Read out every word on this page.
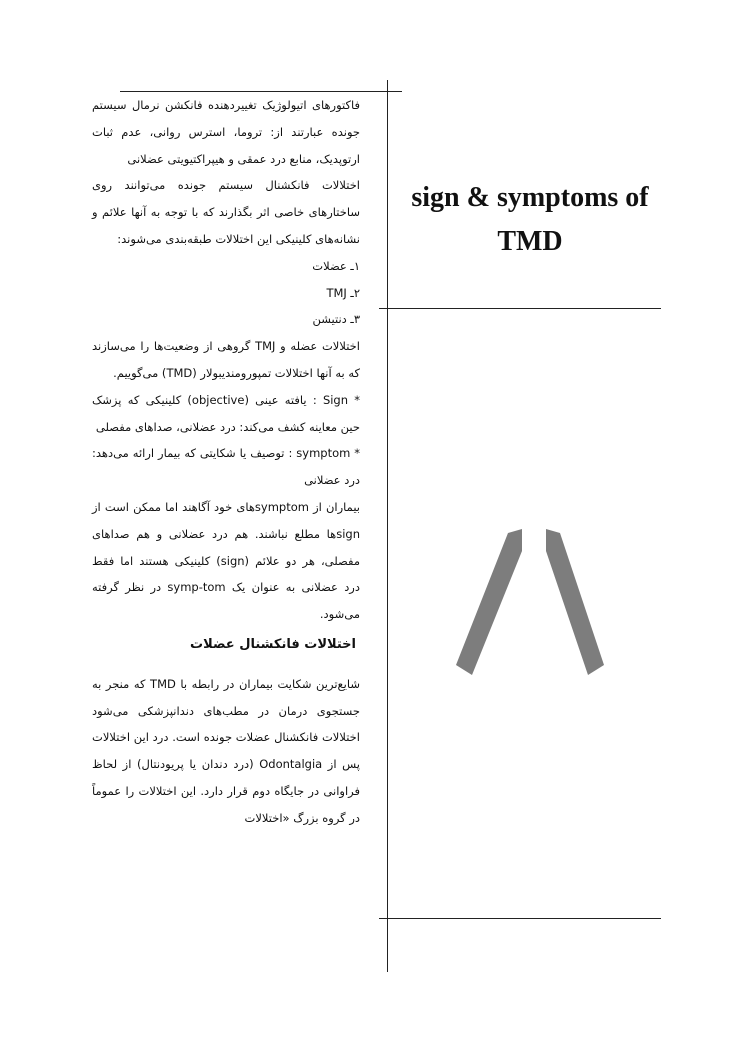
sign & symptoms of TMD

فاکتورهای اتیولوژیک تغییردهنده فانکشن نرمال سیستم جونده عبارتند از: تروما، استرس روانی، عدم ثبات ارتوپدیک، منابع درد عمقی و هیپراکتیویتی عضلانی

اختلالات فانکشنال سیستم جونده می‌توانند روی ساختارهای خاصی اثر بگذارند که با توجه به آنها علائم و نشانه‌های کلینیکی این اختلالات طبقه‌بندی می‌شوند:

۱ـ عضلات

۲ـ TMJ

۳ـ دنتیشن

اختلالات عضله و TMJ گروهی از وضعیت‌ها را می‌سازند که به آنها اختلالات تمپورومندیبولار (TMD) می‌گوییم.

* Sign : یافته عینی (objective) کلینیکی که پزشک حین معاینه کشف می‌کند: درد عضلانی، صداهای مفصلی

* symptom : توصیف یا شکایتی که بیمار ارائه می‌دهد: درد عضلانی

بیماران از symptomهای خود آگاهند اما ممکن است از signها مطلع نباشند. هم درد عضلانی و هم صداهای مفصلی، هر دو علائم (sign) کلینیکی هستند اما فقط درد عضلانی به عنوان یک symp-tom در نظر گرفته می‌شود.

اختلالات فانکشنال عضلات

شایع‌ترین شکایت بیماران در رابطه با TMD که منجر به جستجوی درمان در مطب‌های دندانپزشکی می‌شود اختلالات فانکشنال عضلات جونده است. درد این اختلالات پس از Odontalgia (درد دندان یا پریودنتال) از لحاظ فراوانی در جایگاه دوم قرار دارد. این اختلالات را عموماً در گروه بزرگ «اختلالات
